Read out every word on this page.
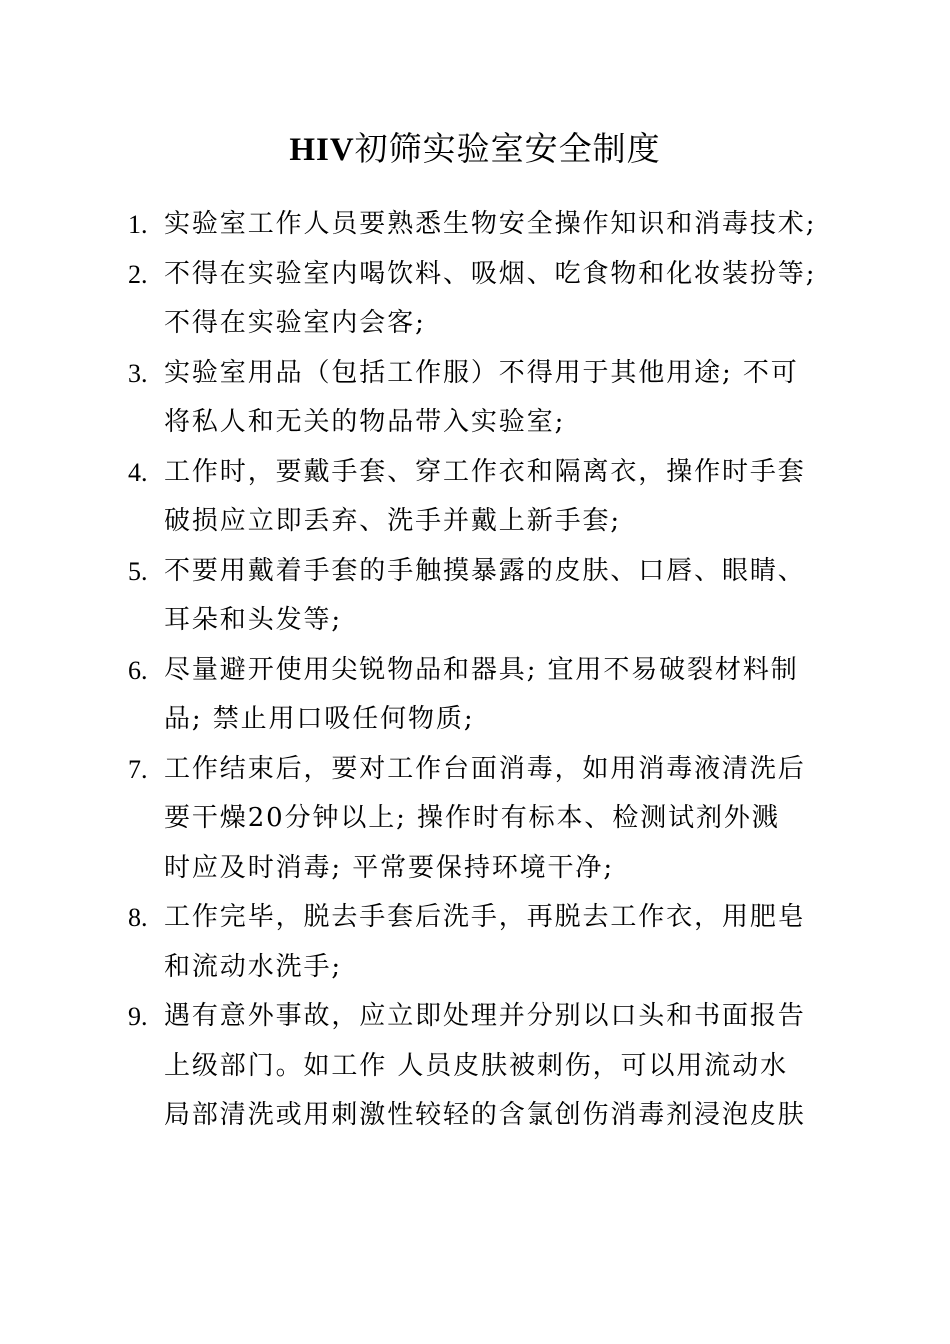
HIV初筛实验室安全制度
1. 实验室工作人员要熟悉生物安全操作知识和消毒技术;
2. 不得在实验室内喝饮料、吸烟、吃食物和化妆装扮等;
不得在实验室内会客;
3. 实验室用品（包括工作服）不得用于其他用途; 不可
将私人和无关的物品带入实验室;
4. 工作时，要戴手套、穿工作衣和隔离衣，操作时手套
破损应立即丢弃、洗手并戴上新手套;
5. 不要用戴着手套的手触摸暴露的皮肤、口唇、眼睛、
耳朵和头发等;
6. 尽量避开使用尖锐物品和器具; 宜用不易破裂材料制
品; 禁止用口吸任何物质;
7. 工作结束后，要对工作台面消毒，如用消毒液清洗后
要干燥20分钟以上; 操作时有标本、检测试剂外溅
时应及时消毒; 平常要保持环境干净;
8. 工作完毕，脱去手套后洗手，再脱去工作衣，用肥皂
和流动水洗手;
9. 遇有意外事故，应立即处理并分别以口头和书面报告
上级部门。如工作 人员皮肤被刺伤，可以用流动水
局部清洗或用刺激性较轻的含氯创伤消毒剂浸泡皮肤
